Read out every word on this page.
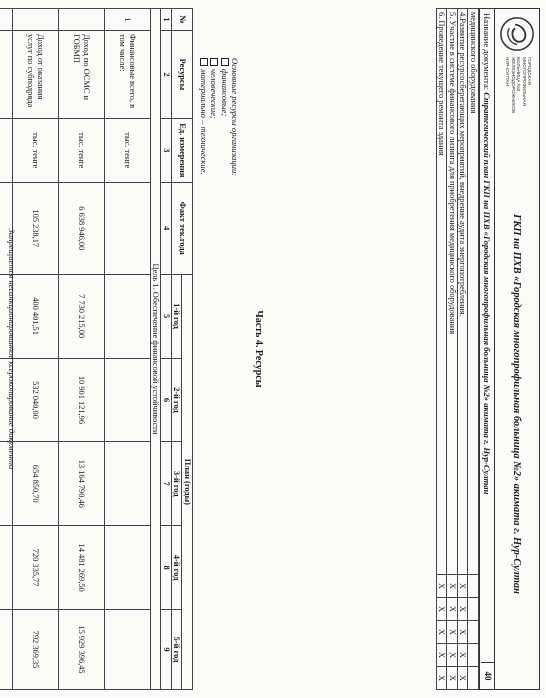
ГОРОДСКАЯ МНОГОПРОФИЛЬНАЯ БОЛЬНИЦА №2 ЖЕЛЕЗНОДОРОЖНИКОВ НУР-СУЛТАН
ГКП на ПХВ «Городская многопрофильная больница №2» акимата г. Нур-Султан
Название документа: Стратегический план ГКП на ПХВ «Городская многопрофильная больница №2» акимата г. Нур-Султан
40
медицинского оборудования					
4.Развитие ресурсосберегающих мероприятий, внедрение аудита энергопотребления.	X	X	X	X	X
5. Участие в системе финансового лизинга для приобретения медицинского оборудования	X	X	X	X	X
6. Проведение текущего ремонта здания	X	X	X	X	X
Часть 4. Ресурсы
Основные ресурсы организации:
финансовые;
человеческие;
материально – технические.
№	Ресурсы	Ед. измерения	Факт тек.года	План (годы)				
				1-й год	2-й год	3-й год	4-й год	5-й год
1	2	3	4	5	6	7	8	9
Цель 1. Обеспечение финансовой устойчивости								
1	Финансовые всего, в том числе:	тыс. тенге						
	Доход по ОСМС и ГОБМП	тыс. тенге	6 638 946,00	7 730 215,00	10 901 121,96	13 164 790,46	14 481 269,50	15 929 396,45
	Доход от оказания услуг по субподряда	тыс. тенге	105 238,17	400 401,51	532 040,00	654 850,70	720 335,77	792 369,35

Запрещается несанкционированное ксерокопирование документа
